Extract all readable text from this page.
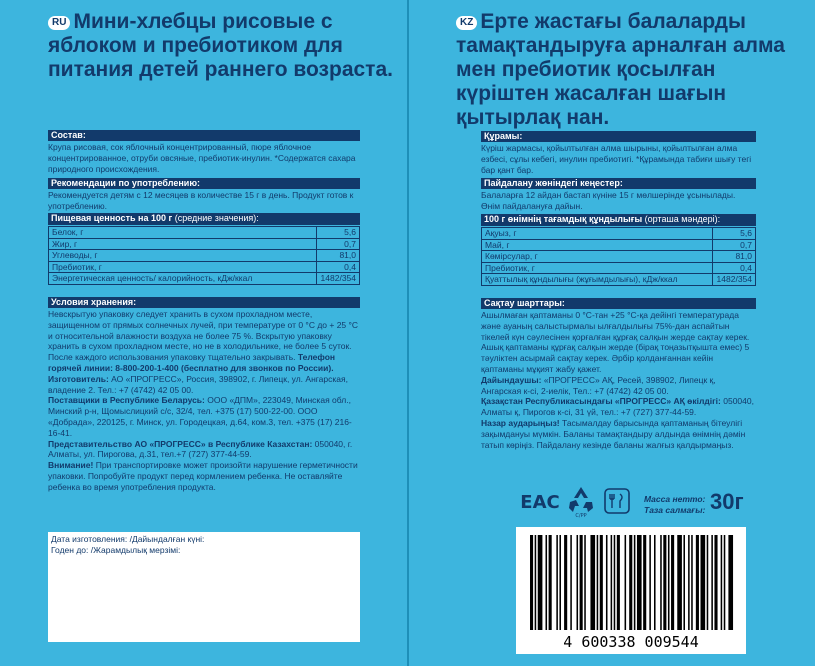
RU Мини-хлебцы рисовые с яблоком и пребиотиком для питания детей раннего возраста.
Состав:
Крупа рисовая, сок яблочный концентрированный, пюре яблочное концентрированное, отруби овсяные, пребиотик-инулин. *Содержатся сахара природного происхождения.
Рекомендации по употреблению:
Рекомендуется детям с 12 месяцев в количестве 15 г в день. Продукт готов к употреблению.
Пищевая ценность на 100 г (средние значения):
Белок, г	5,6
Жир, г	0,7
Углеводы, г	81,0
Пребиотик, г	0,4
Энергетическая ценность/ калорийность, кДж/ккал	1482/354
Условия хранения:
Невскрытую упаковку следует хранить в сухом прохладном месте, защищенном от прямых солнечных лучей, при температуре от 0 °С до + 25 °С и относительной влажности воздуха не более 75 %. Вскрытую упаковку хранить в сухом прохладном месте, но не в холодильнике, не более 5 суток. После каждого использования упаковку тщательно закрывать. Телефон горячей линии: 8-800-200-1-400 (бесплатно для звонков по России).
Изготовитель: АО «ПРОГРЕСС», Россия, 398902, г. Липецк, ул. Ангарская, владение 2. Тел.: +7 (4742) 42 05 00.
Поставщики в Республике Беларусь: ООО «ДПМ», 223049, Минская обл., Минский р-н, Щомыслицкий с/с, 32/4, тел. +375 (17) 500-22-00. ООО «Добрада», 220125, г. Минск, ул. Городецкая, д.64, ком.3, тел. +375 (17) 216-16-41.
Представительство АО «ПРОГРЕСС» в Республике Казахстан: 050040, г. Алматы, ул. Пирогова, д.31, тел.+7 (727) 377-44-59.
Внимание! При транспортировке может произойти нарушение герметичности упаковки. Попробуйте продукт перед кормлением ребенка. Не оставляйте ребенка во время употребления продукта.
Дата изготовления: /Дайындалған күні:
Годен до: /Жарамдылық мерзімі:
KZ Ерте жастағы балаларды тамақтандыруға арналған алма мен пребиотик қосылған күріштен жасалған шағын қытырлақ нан.
Құрамы:
Күріш жармасы, қойылтылған алма шырыны, қойылтылған алма езбесі, сұлы кебегі, инулин пребиотигі. *Құрамында табиғи шығу тегі бар қант бар.
Пайдалану жөніндегі кеңестер:
Балаларға 12 айдан бастап күніне 15 г мөлшерінде ұсынылады. Өнім пайдалануға дайын.
100 г өнімнің тағамдық құндылығы (орташа мәндері):
Ақуыз, г	5,6
Май, г	0,7
Көмірсулар, г	81,0
Пребиотик, г	0,4
Қуаттылық құндылығы (жұғымдылығы), кДж/ккал	1482/354
Сақтау шарттары:
Ашылмаған қаптаманы 0 °С-тан +25 °С-қа дейінгі температурада және ауаның салыстырмалы ылғалдылығы 75%-дан аспайтын тікелей күн сәулесінен қорғалған құрғақ салқын жерде сақтау керек. Ашық қаптаманы құрғақ салқын жерде (бірақ тоңазытқышта емес) 5 тәуліктен асырмай сақтау керек. Әрбір қолданғаннан кейін қаптаманы мұқият жабу қажет.
Дайындаушы: «ПРОГРЕСС» АҚ, Ресей, 398902, Липецк қ, Ангарская к-сі, 2-иелік, Тел.: +7 (4742) 42 05 00.
Қазақстан Республикасындағы «ПРОГРЕСС» АҚ өкілдігі: 050040, Алматы қ, Пирогов к-сі, 31 үй, тел.: +7 (727) 377-44-59.
Назар аударыңыз! Тасымалдау барысында қаптаманың бітеулігі зақымдануы мүмкін. Баланы тамақтандыру алдында өнімнің дәмін татып көріңіз. Пайдалану кезінде баланы жалғыз қалдырмаңыз.
EAC
C/PP
Масса нетто:
Таза салмағы: 30г
4 600338 009544
